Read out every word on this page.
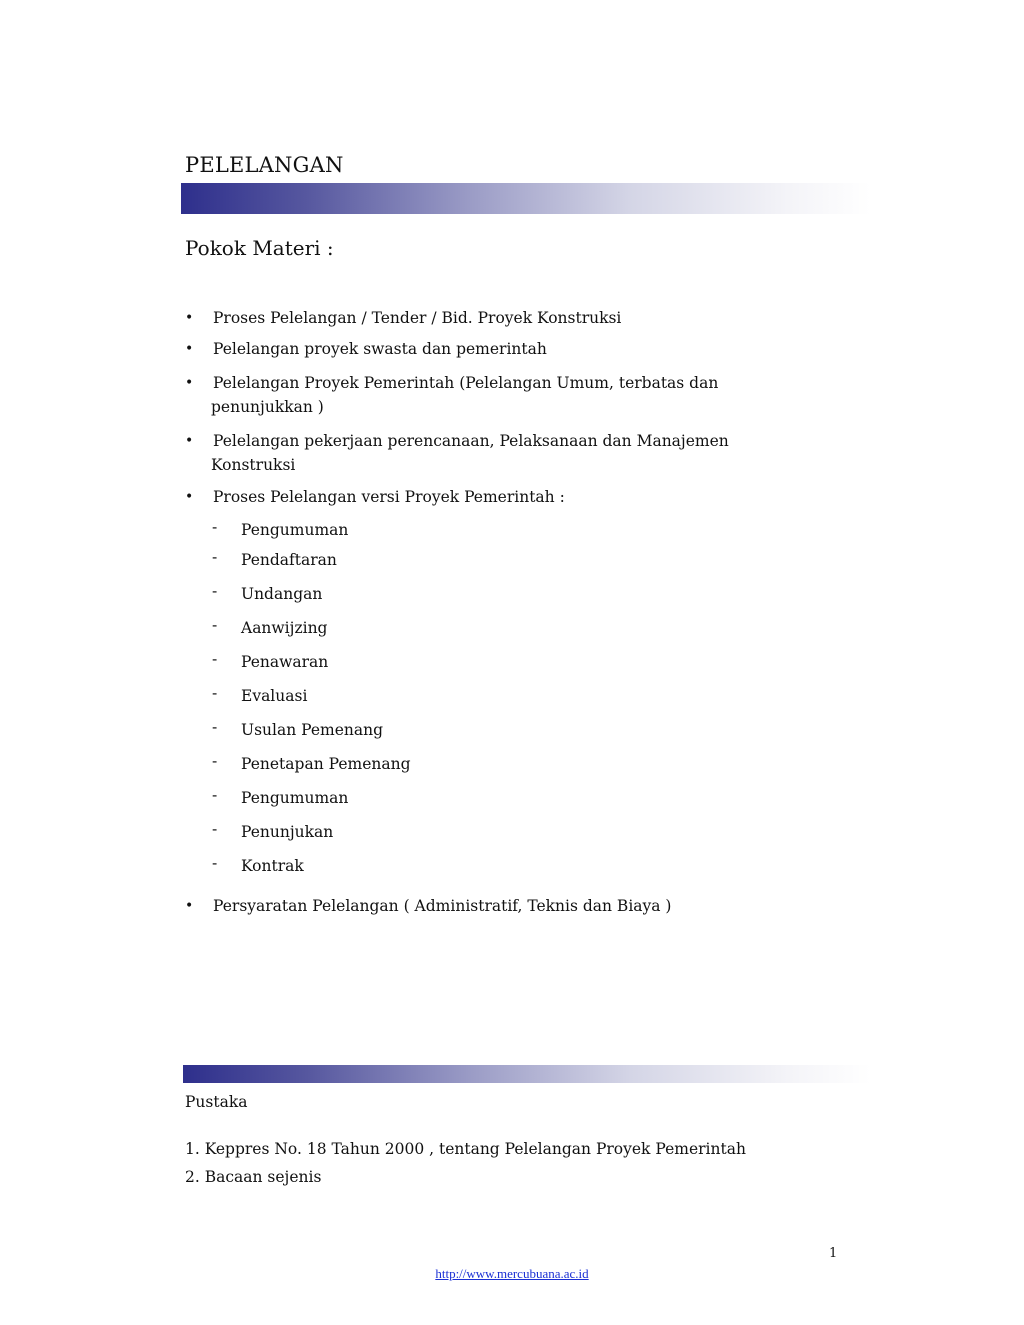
PELELANGAN
Pokok Materi :
•	Proses Pelelangan / Tender / Bid. Proyek Konstruksi
•	Pelelangan proyek swasta dan pemerintah
•	Pelelangan Proyek Pemerintah (Pelelangan Umum, terbatas dan
penunjukkan )
•	Pelelangan pekerjaan perencanaan, Pelaksanaan dan Manajemen
Konstruksi
•	Proses Pelelangan versi Proyek Pemerintah :
-	Pengumuman
-	Pendaftaran
-	Undangan
-	Aanwijzing
-	Penawaran
-	Evaluasi
-	Usulan Pemenang
-	Penetapan Pemenang
-	Pengumuman
-	Penunjukan
-	Kontrak
•	Persyaratan Pelelangan ( Administratif, Teknis dan Biaya )
Pustaka
1. Keppres No. 18 Tahun 2000 , tentang Pelelangan Proyek Pemerintah
2. Bacaan sejenis
1
http://www.mercubuana.ac.id
